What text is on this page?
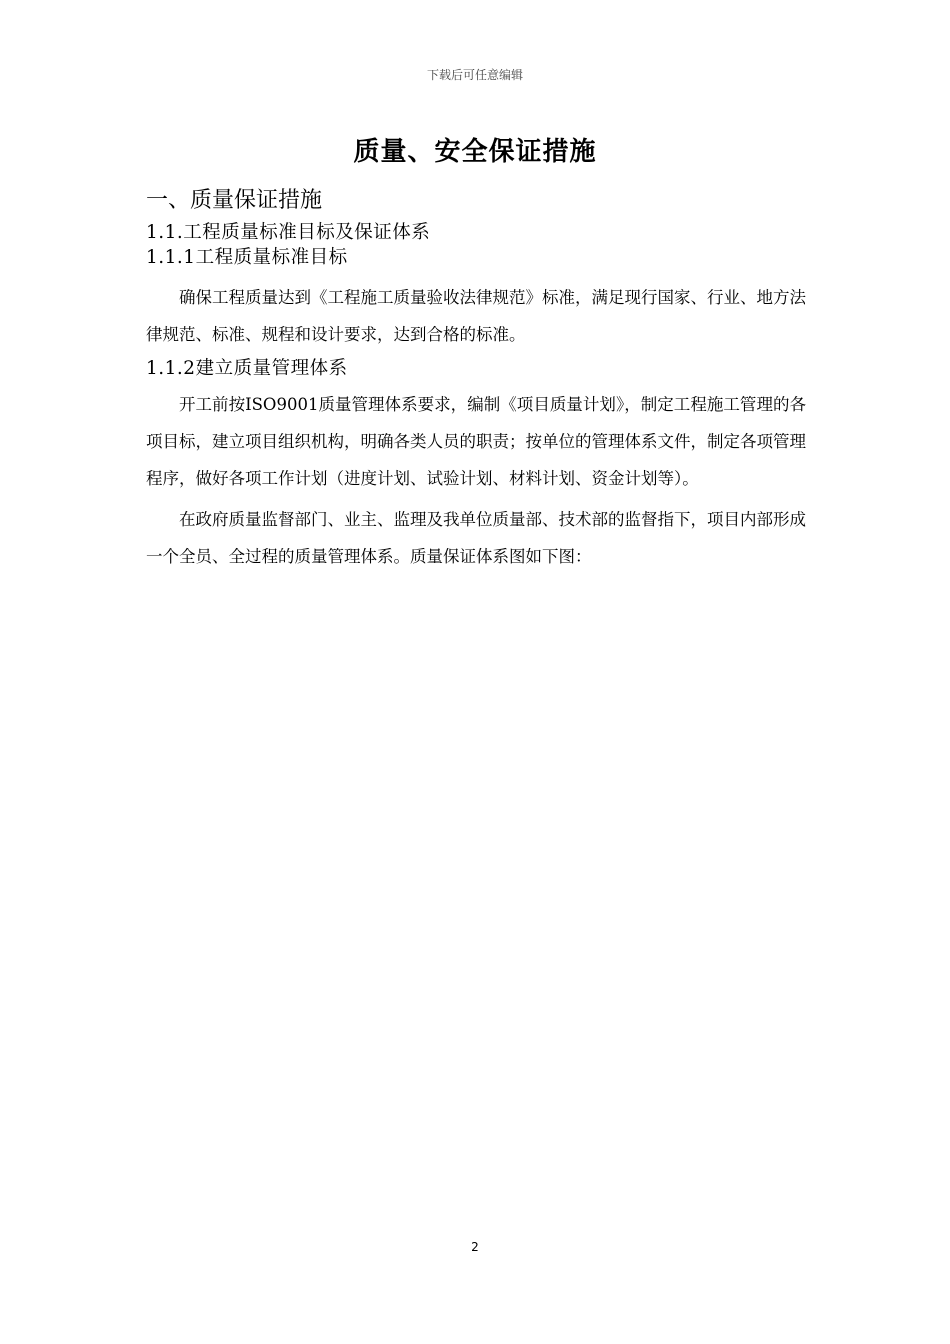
下载后可任意编辑
质量、安全保证措施
一、质量保证措施
1.1.工程质量标准目标及保证体系
1.1.1工程质量标准目标

确保工程质量达到《工程施工质量验收法律规范》标准，满足现行国家、行业、地方法律规范、标准、规程和设计要求，达到合格的标准。

1.1.2建立质量管理体系

开工前按ISO9001质量管理体系要求，编制《项目质量计划》，制定工程施工管理的各项目标，建立项目组织机构，明确各类人员的职责；按单位的管理体系文件，制定各项管理程序，做好各项工作计划（进度计划、试验计划、材料计划、资金计划等）。

在政府质量监督部门、业主、监理及我单位质量部、技术部的监督指下，项目内部形成一个全员、全过程的质量管理体系。质量保证体系图如下图：

2
